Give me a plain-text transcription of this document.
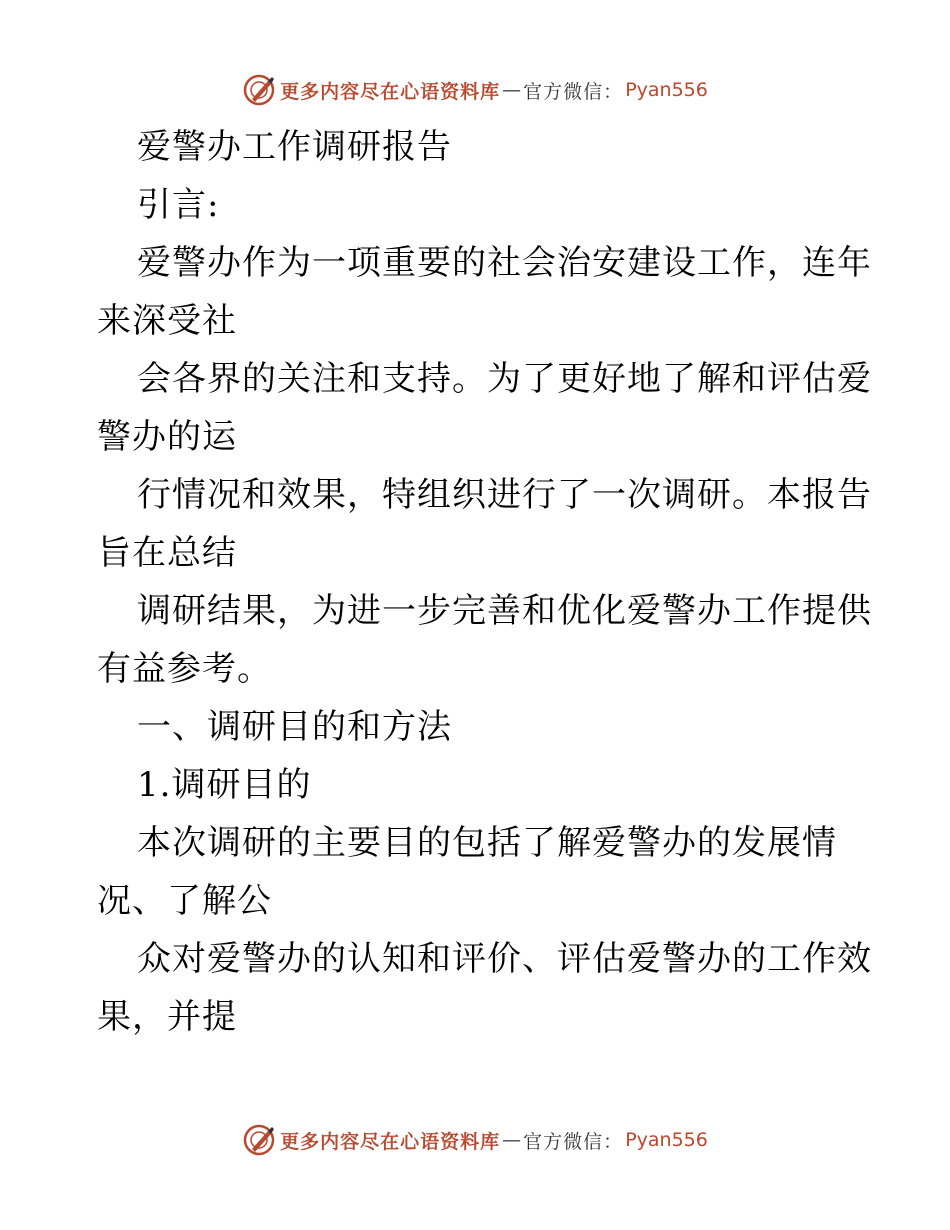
更多内容尽在心语资料库 — 官方微信： Pyan556
爱警办工作调研报告
引言:
爱警办作为一项重要的社会治安建设工作，连年
来深受社
会各界的关注和支持。为了更好地了解和评估爱
警办的运
行情况和效果，特组织进行了一次调研。本报告
旨在总结
调研结果，为进一步完善和优化爱警办工作提供
有益参考。
一、调研目的和方法
1.调研目的
本次调研的主要目的包括了解爱警办的发展情
况、了解公
众对爱警办的认知和评价、评估爱警办的工作效
果，并提
更多内容尽在心语资料库 — 官方微信： Pyan556
